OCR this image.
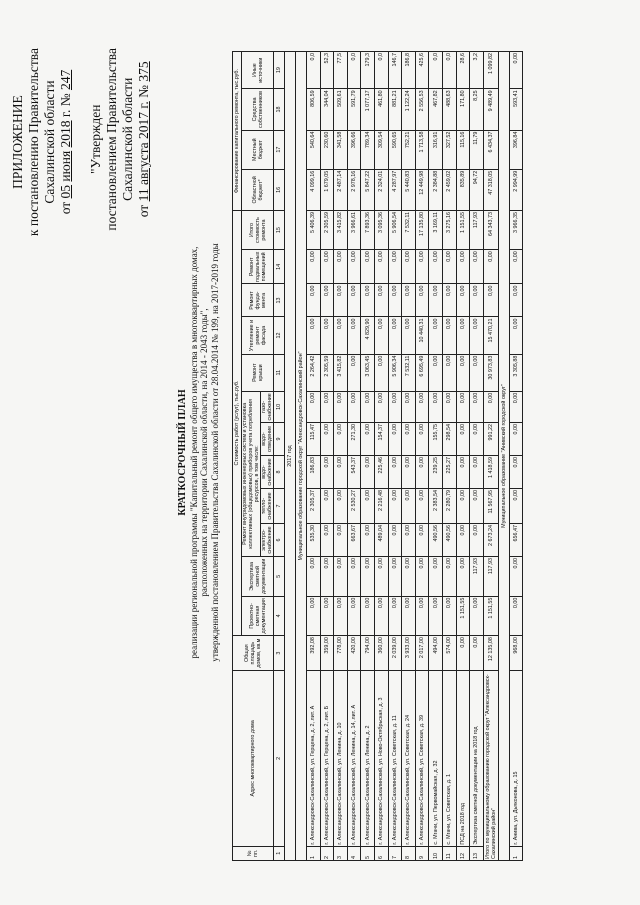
ПРИЛОЖЕНИЕ к постановлению Правительства Сахалинской области
от 05 июня 2018 г. № 247
"Утвержден постановлением Правительства Сахалинской области
от 11 августа 2017 г. № 375
КРАТКОСРОЧНЫЙ ПЛАН реализации региональной программы "Капитальный ремонт общего имущества в многоквартирных домах, расположенных на территории Сахалинской области, на 2014 - 2043 годы", утвержденной постановлением Правительства Сахалинской области от 28.04.2014 № 199, на 2017-2019 годы
№ пп.	Адрес многоквартирного дома	Общая площадь домов, кв.м	Стоимость работ (услуг), тыс.руб.												Финансирование капитального ремонта, тыс.руб.			
			Проектно-сметная документация	Экспертиза сметной документации	Ремонт внутридомовых инженерных систем и установка коллективных (общедомовых) приборов учета потребления ресурсов, в том числе:					Ремонт крыши	Утепление и ремонт фасада	Ремонт фунда-мента	Ремонт подвальных помещений	Итого стоимость ремонта	Областной бюджет*	Местный бюджет	Средства собственников	Иные источники
					электро-снабжение	тепло-снабжение	водо-снабжение	водо-отведение	газо-снабжение									
1	2	3	4	5	6	7	8	9	10	11	12	13	14	15	16	17	18	19
2017 год																		
Муниципальное образование городской округ "Александровск-Сахалинский район"																		
1	г. Александровск-Сахалинский, ул. Герцена, д. 2, лит. А	392,08	0,00	0,00	535,30	2 305,37	186,83	115,47	0,00	2 264,42	0,00	0,00	0,00	5 406,39	4 099,16	540,64	806,59	0,0
2	г. Александровск-Сахалинский, ул. Герцена, д. 2, лит. Б	359,00	0,00	0,00	0,00	0,00	0,00	0,00	0,00	2 305,59	0,00	0,00	0,00	2 305,59	1 679,05	230,60	344,04	52,3
3	г. Александровск-Сахалинский, ул. Ленина, д. 10	778,00	0,00	0,00	0,00	0,00	0,00	0,00	0,00	3 415,82	0,00	0,00	0,00	3 415,82	2 487,14	341,58	509,61	77,5
4	г. Александровск-Сахалинский, ул. Ленина, д. 14, лит. А	420,00	0,00	0,00	663,67	2 530,27	543,37	271,30	0,00	0,00	0,00	0,00	0,00	3 966,61	2 978,16	396,66	591,79	0,0
5	г. Александровск-Сахалинский, ул. Ленина, д. 2	794,00	0,00	0,00	0,00	0,00	0,00	0,00	0,00	3 063,45	4 829,90	0,00	0,00	7 893,36	5 847,22	789,34	1 077,17	179,3
6	г. Александровск-Сахалинский, ул. Ново-Октябрьская, д. 3	360,00	0,00	0,00	489,04	2 216,48	225,46	154,37	0,00	0,00	0,00	0,00	0,00	3 095,36	2 324,01	309,54	461,80	0,0
7	г. Александровск-Сахалинский, ул. Советская, д. 11	2 039,00	0,00	0,00	0,00	0,00	0,00	0,00	0,00	5 906,34	0,00	0,00	0,00	5 906,54	4 287,97	590,65	881,21	146,7
8	г. Александровск-Сахалинский, ул. Советская, д. 24	3 933,00	0,00	0,00	0,00	0,00	0,00	0,00	0,00	7 532,11	0,00	0,00	0,00	7 532,11	5 440,83	752,21	1 122,24	186,8
9	г. Александровск-Сахалинский, ул. Советская, д. 39	2 017,00	0,00	0,00	0,00	0,00	0,00	0,00	0,00	6 695,49	10 440,31	0,00	0,00	17 135,80	12 449,98	1 713,58	2 556,53	425,6
10	с. Мгачи, ул. Первомайская, д. 32	494,00	0,00	0,00	490,56	2 383,54	239,25	155,75	0,00	0,00	0,00	0,00	0,00	3 169,11	2 384,88	316,91	467,82	0,0
11	с. Мгачи, ул. Советская, д. 1	574,00	0,00	0,00	490,56	2 280,79	225,27	298,54	0,00	0,00	0,00	0,00	0,00	3 275,16	2 459,02	327,52	488,63	0,0
12	ПСД на 2018 год	0,00	1 151,55	0,00	0,00	0,00	0,00	0,00	0,00	0,00	0,00	0,00	0,00	1 151,55	835,89	115,16	171,80	28,6
13	Экспертиза сметной документации на 2018 год	0,00	0,00	117,93	0,00	0,00	0,00	0,00	0,00	0,00	0,00	0,00	0,00	117,93	94,72	11,79	8,25	3,2
Итого по муниципальному образованию городской округ "Александровск-Сахалинский район"		12 135,08	1 151,55	117,93	2 673,24	11 567,95	1 418,59	991,22	0,00	30 973,83	15 470,21	0,00	0,00	64 343,73	47 318,05	6 434,37	9 489,49	1 099,82
Муниципальное образование "Анивский городской округ"																		
1	г. Анива, ул. Дьяконова, д. 15	968,00	0,00	0,00	656,47	0,00	0,00	0,00	0,00	3 305,88	0,00	0,00	0,00	3 966,35	2 994,99	396,84	593,41	0,00
